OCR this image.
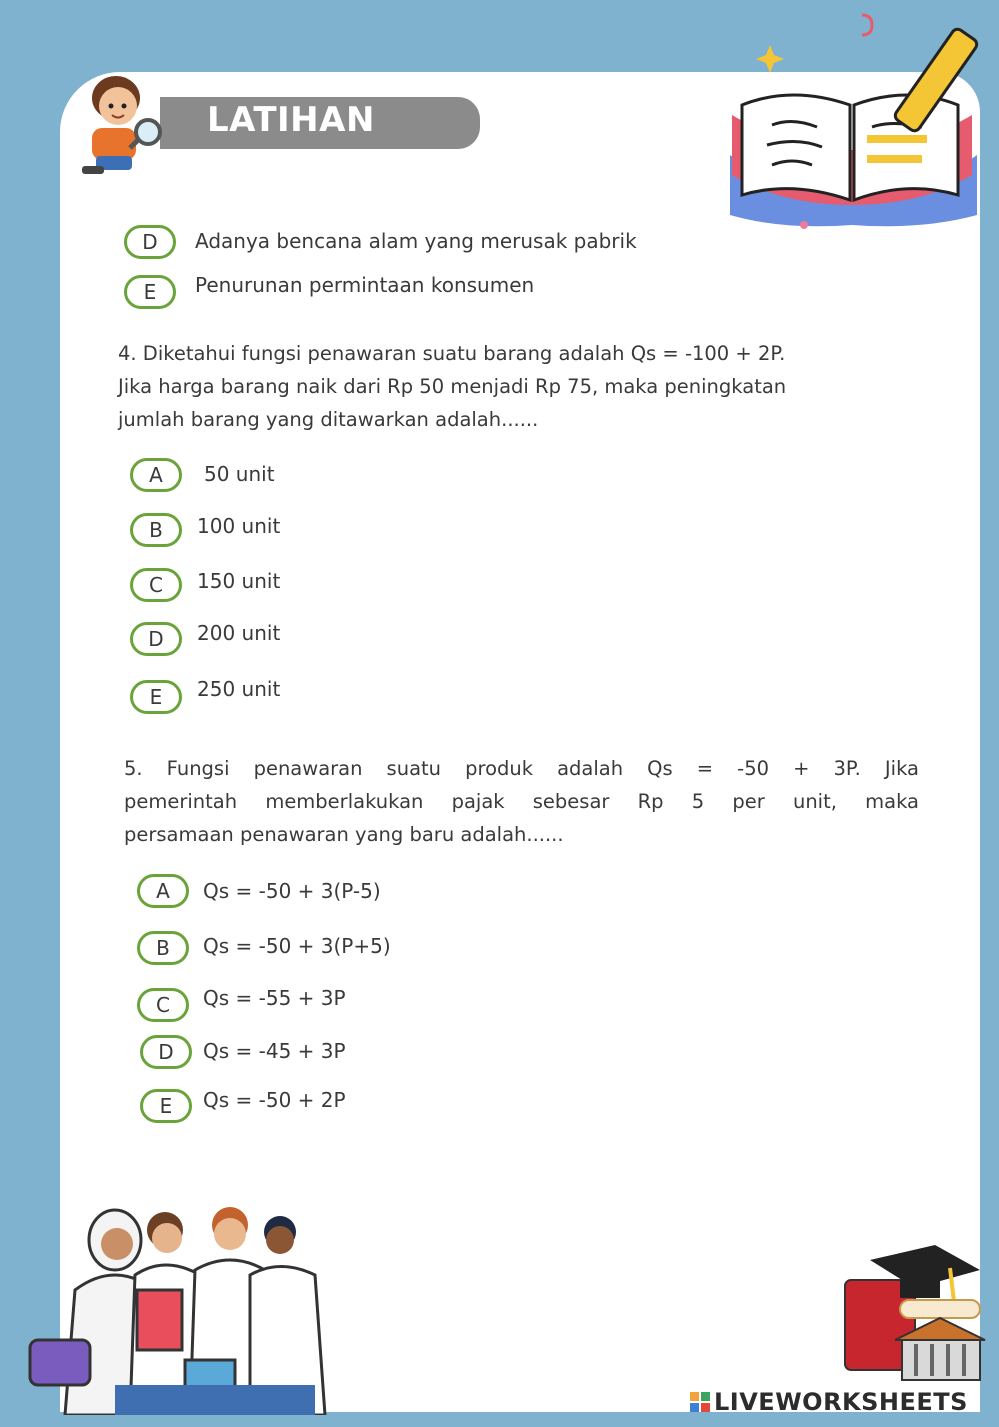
LATIHAN
D	Adanya bencana alam yang merusak pabrik
E	Penurunan permintaan konsumen
4. Diketahui fungsi penawaran suatu barang adalah Qs = -100 + 2P.
Jika harga barang naik dari Rp 50 menjadi Rp 75, maka peningkatan
jumlah barang yang ditawarkan adalah......
A	50 unit
B	100 unit
C	150 unit
D	200 unit
E	250 unit
5. Fungsi penawaran suatu produk adalah Qs = -50 + 3P. Jika
pemerintah memberlakukan pajak sebesar Rp 5 per unit, maka
persamaan penawaran yang baru adalah......
A	Qs = -50 + 3(P-5)
B	Qs = -50 + 3(P+5)
C	Qs = -55 + 3P
D	Qs = -45 + 3P
E	Qs = -50 + 2P
LIVEWORKSHEETS
